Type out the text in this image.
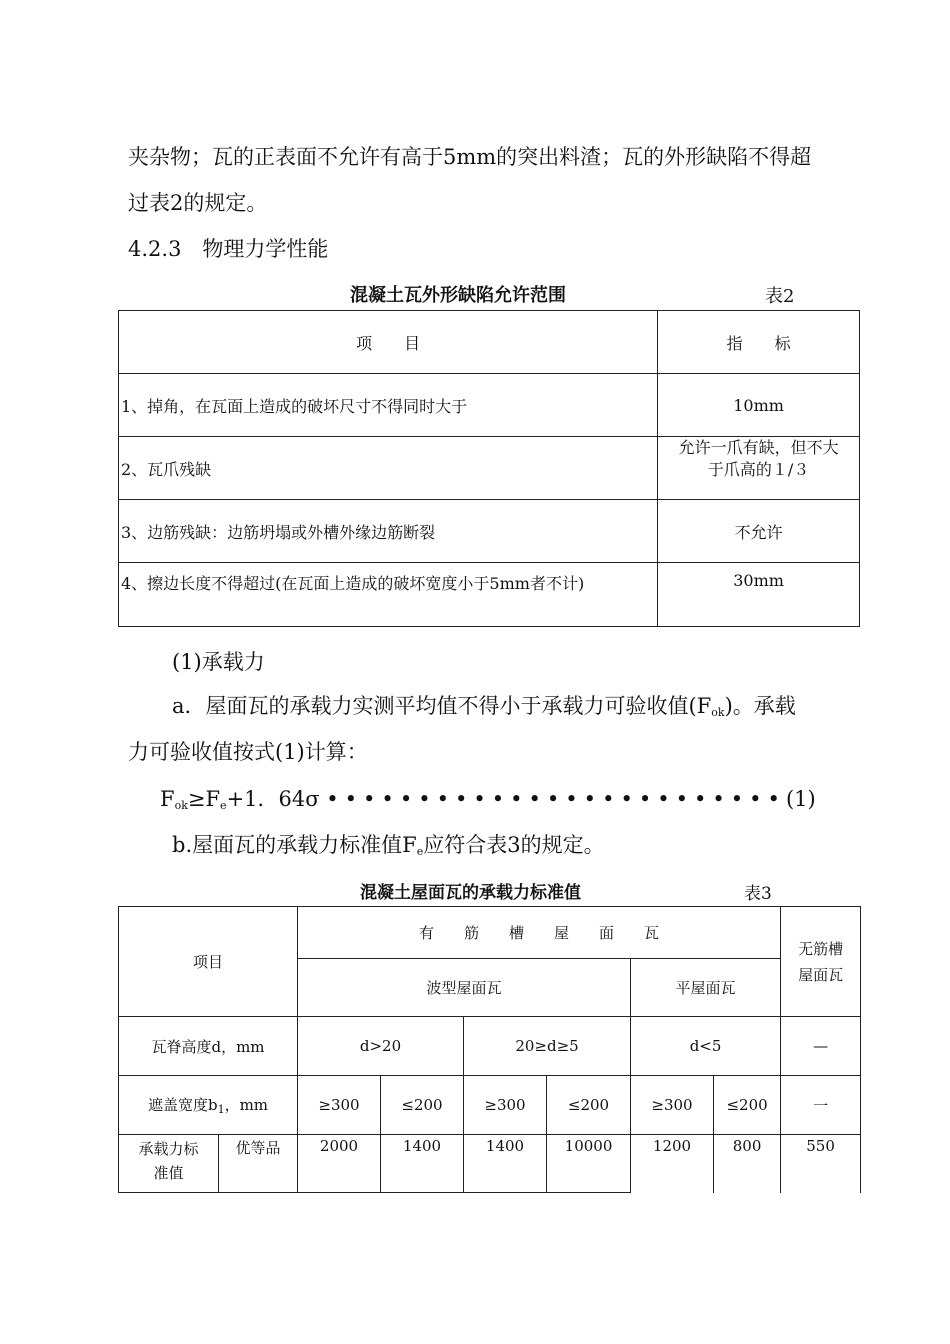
夹杂物；瓦的正表面不允许有高于5mm的突出料渣；瓦的外形缺陷不得超
过表2的规定。
4.2.3　物理力学性能
混凝土瓦外形缺陷允许范围	表2
项　　目	指　　标
1、掉角，在瓦面上造成的破坏尺寸不得同时大于	10mm
2、瓦爪残缺	允许一爪有缺，但不大于爪高的１/３

3、边筋残缺：边筋坍塌或外槽外缘边筋断裂	不允许
4、擦边长度不得超过(在瓦面上造成的破坏宽度小于5mm者不计)	30mm
(1)承载力
a．屋面瓦的承载力实测平均值不得小于承载力可验收值$(F_{ok})$。承载
力可验收值按式(1)计算：
$F_{ok}\ge F_e+1$．64σ •••••••••••••••••••••••••(1)
b.屋面瓦的承载力标准值$F_e$应符合表3的规定。
混凝土屋面瓦的承载力标准值	表3
项目		有　　筋　　槽　　屋　　面　　瓦						无筋槽屋面瓦
		波型屋面瓦				平屋面瓦		
瓦脊高度d，mm		d>20		20≥d≥5		d<5		—
遮盖宽度$b_1$，mm		≥300	≤200	≥300	≤200	≥300	≤200	一
承载力标准值	优等品	2000	1400	1400	10000	1200	800	550
